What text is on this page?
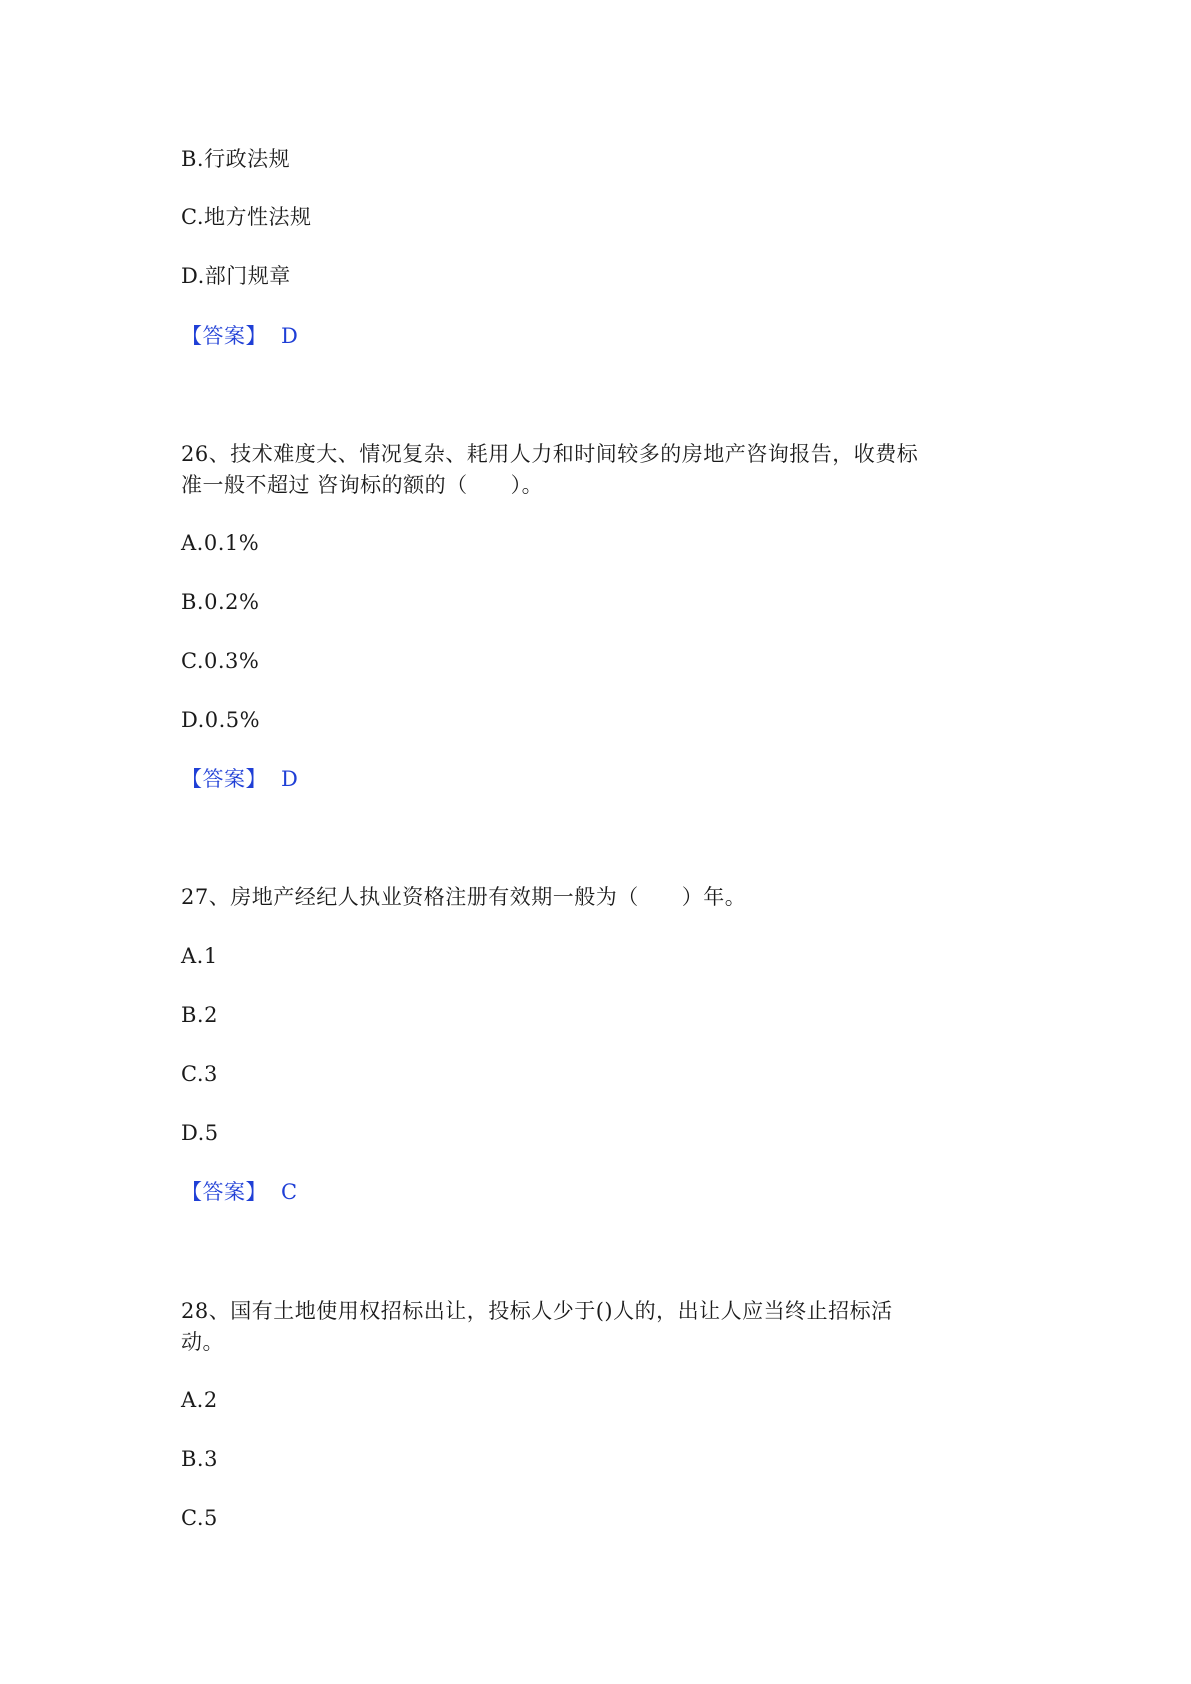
B.行政法规
C.地方性法规
D.部门规章
【答案】 D
26、技术难度大、情况复杂、耗用人力和时间较多的房地产咨询报告，收费标
准一般不超过 咨询标的额的（　　）。
A.0.1%
B.0.2%
C.0.3%
D.0.5%
【答案】 D
27、房地产经纪人执业资格注册有效期一般为（　　）年。
A.1
B.2
C.3
D.5
【答案】 C
28、国有土地使用权招标出让，投标人少于()人的，出让人应当终止招标活
动。
A.2
B.3
C.5
